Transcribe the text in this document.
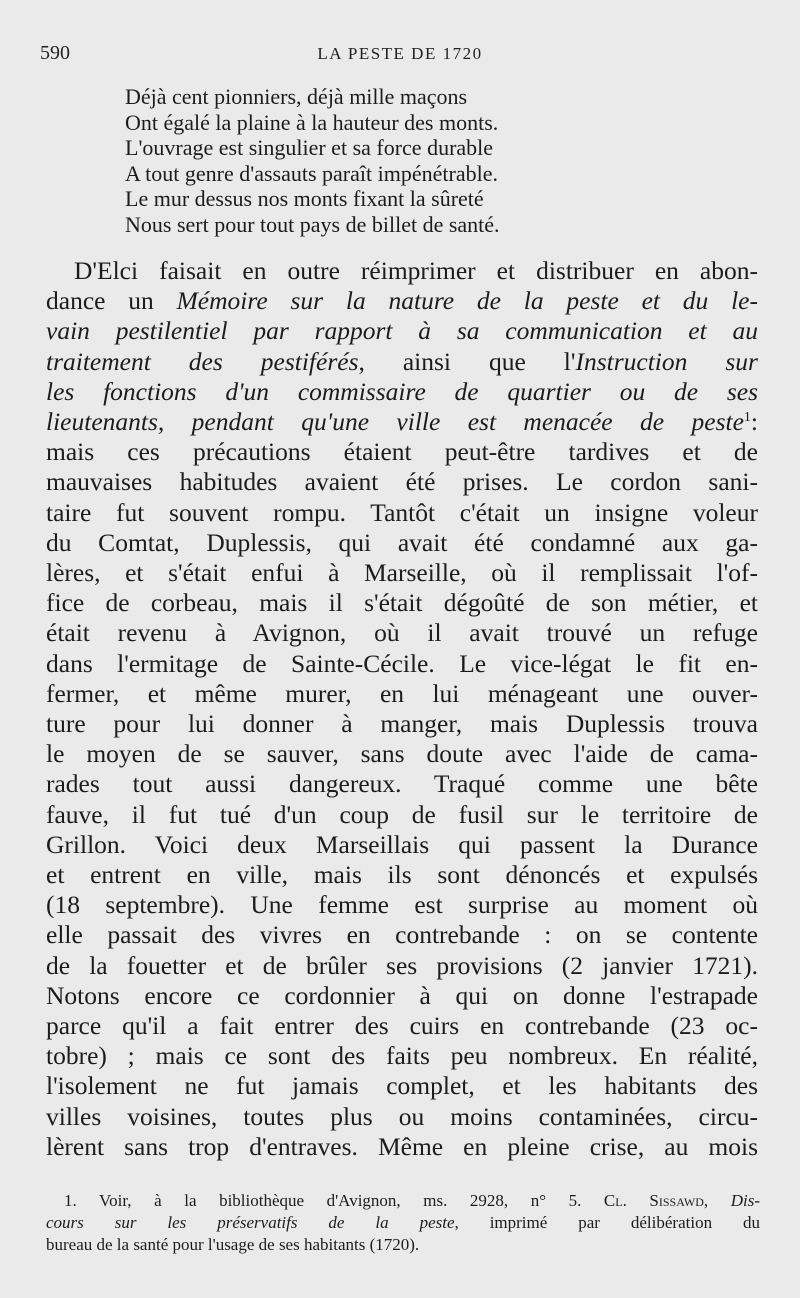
590	LA PESTE DE 1720
Déjà cent pionniers, déjà mille maçons
Ont égalé la plaine à la hauteur des monts.
L'ouvrage est singulier et sa force durable
A tout genre d'assauts paraît impénétrable.
Le mur dessus nos monts fixant la sûreté
Nous sert pour tout pays de billet de santé.
D'Elci faisait en outre réimprimer et distribuer en abon-
dance un Mémoire sur la nature de la peste et du le-
vain pestilentiel par rapport à sa communication et au
traitement des pestiférés, ainsi que l'Instruction sur
les fonctions d'un commissaire de quartier ou de ses
lieutenants, pendant qu'une ville est menacée de peste$^1$:
mais ces précautions étaient peut-être tardives et de
mauvaises habitudes avaient été prises. Le cordon sani-
taire fut souvent rompu. Tantôt c'était un insigne voleur
du Comtat, Duplessis, qui avait été condamné aux ga-
lères, et s'était enfui à Marseille, où il remplissait l'of-
fice de corbeau, mais il s'était dégoûté de son métier, et
était revenu à Avignon, où il avait trouvé un refuge
dans l'ermitage de Sainte-Cécile. Le vice-légat le fit en-
fermer, et même murer, en lui ménageant une ouver-
ture pour lui donner à manger, mais Duplessis trouva
le moyen de se sauver, sans doute avec l'aide de cama-
rades tout aussi dangereux. Traqué comme une bête
fauve, il fut tué d'un coup de fusil sur le territoire de
Grillon. Voici deux Marseillais qui passent la Durance
et entrent en ville, mais ils sont dénoncés et expulsés
(18 septembre). Une femme est surprise au moment où
elle passait des vivres en contrebande : on se contente
de la fouetter et de brûler ses provisions (2 janvier 1721).
Notons encore ce cordonnier à qui on donne l'estrapade
parce qu'il a fait entrer des cuirs en contrebande (23 oc-
tobre) ; mais ce sont des faits peu nombreux. En réalité,
l'isolement ne fut jamais complet, et les habitants des
villes voisines, toutes plus ou moins contaminées, circu-
lèrent sans trop d'entraves. Même en pleine crise, au mois
1. Voir, à la bibliothèque d'Avignon, ms. 2928, n° 5. Cl. Sissawd, Dis-
cours sur les préservatifs de la peste, imprimé par délibération du
bureau de la santé pour l'usage de ses habitants (1720).
